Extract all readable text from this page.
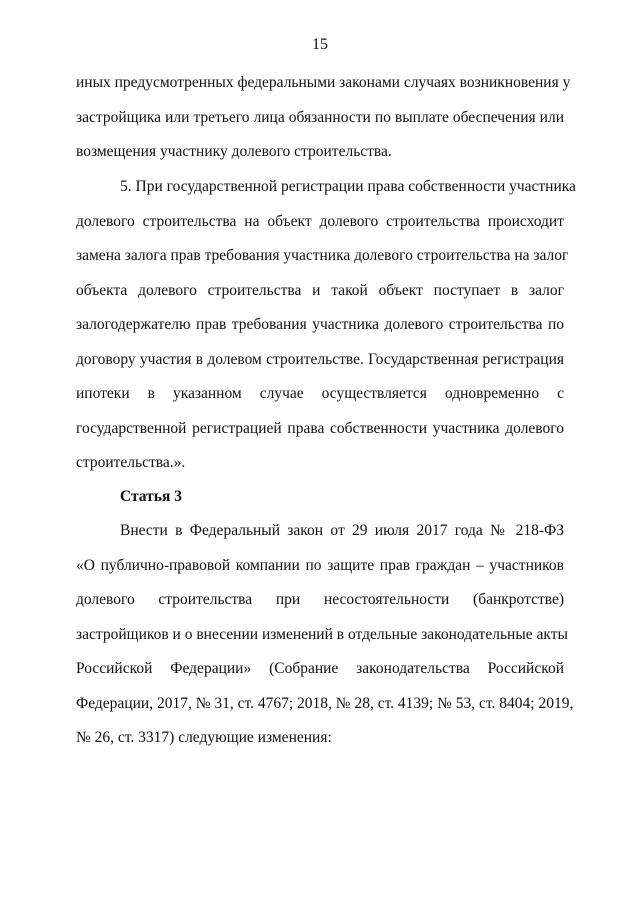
15
иных предусмотренных федеральными законами случаях возникновения у
застройщика или третьего лица обязанности по выплате обеспечения или
возмещения участнику долевого строительства.
5. При государственной регистрации права собственности участника
долевого строительства на объект долевого строительства происходит
замена залога прав требования участника долевого строительства на залог
объекта долевого строительства и такой объект поступает в залог
залогодержателю прав требования участника долевого строительства по
договору участия в долевом строительстве. Государственная регистрация
ипотеки в указанном случае осуществляется одновременно с
государственной регистрацией права собственности участника долевого
строительства.».
Статья 3
Внести в Федеральный закон от 29 июля 2017 года № 218-ФЗ
«О публично-правовой компании по защите прав граждан – участников
долевого строительства при несостоятельности (банкротстве)
застройщиков и о внесении изменений в отдельные законодательные акты
Российской Федерации» (Собрание законодательства Российской
Федерации, 2017, № 31, ст. 4767; 2018, № 28, ст. 4139; № 53, ст. 8404; 2019,
№ 26, ст. 3317) следующие изменения:
